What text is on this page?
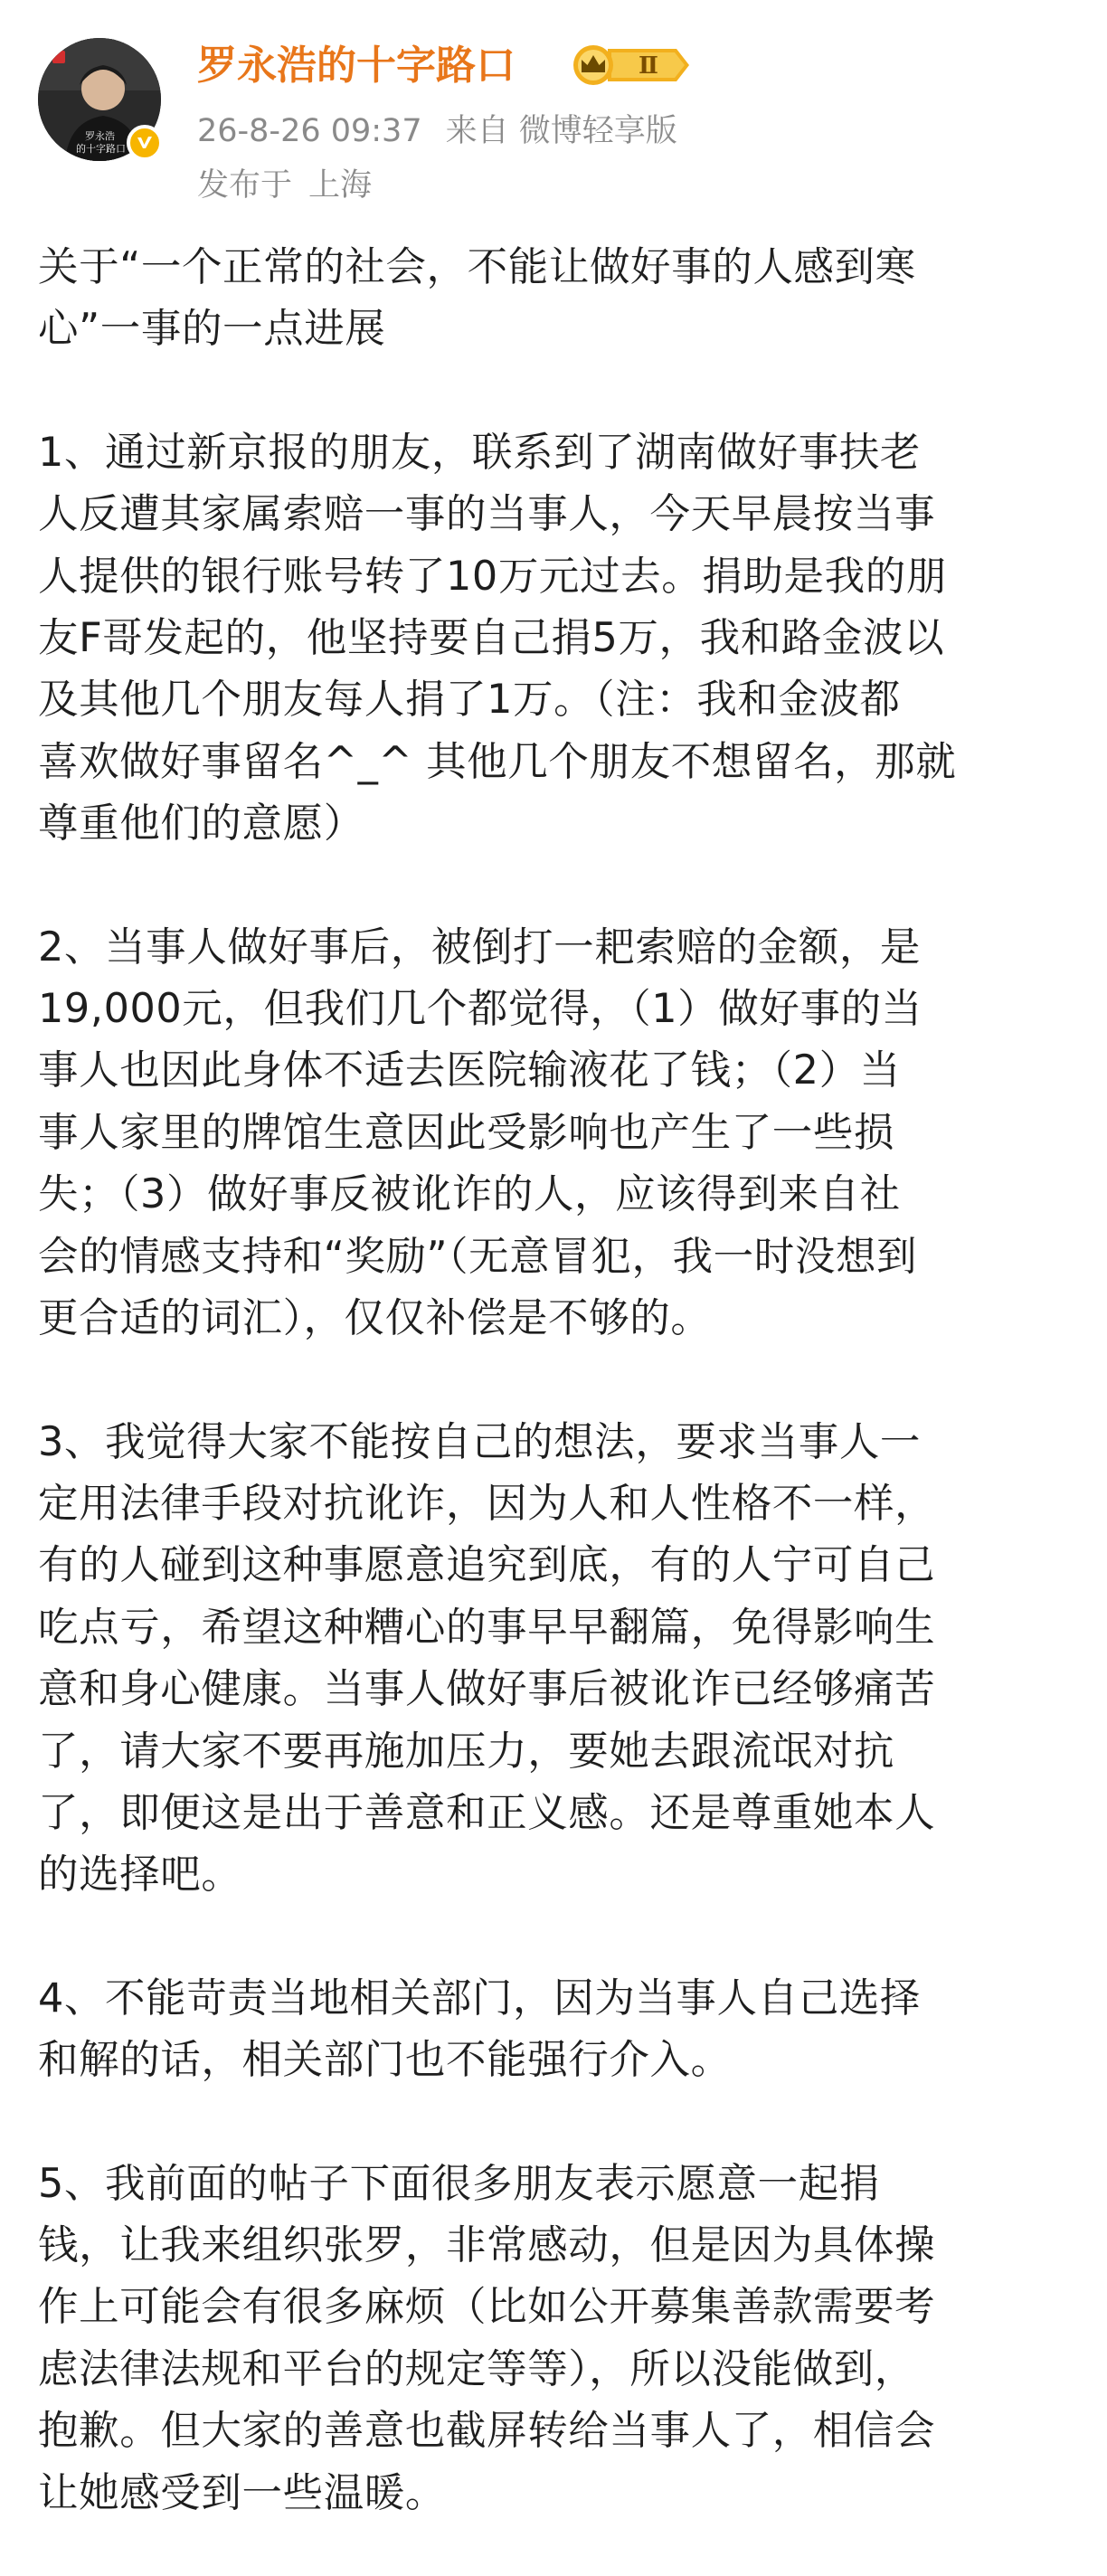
罗永浩
的十字路口
罗永浩的十字路口	Ⅱ
26-8-26 09:37 来自 微博轻享版
发布于 上海

关于“一个正常的社会，不能让做好事的人感到寒
心”一事的一点进展

1、通过新京报的朋友，联系到了湖南做好事扶老
人反遭其家属索赔一事的当事人，今天早晨按当事
人提供的银行账号转了10万元过去。捐助是我的朋
友F哥发起的，他坚持要自己捐5万，我和路金波以
及其他几个朋友每人捐了1万。（注：我和金波都
喜欢做好事留名^_^ 其他几个朋友不想留名，那就
尊重他们的意愿）

2、当事人做好事后，被倒打一耙索赔的金额，是
19,000元，但我们几个都觉得，（1）做好事的当
事人也因此身体不适去医院输液花了钱；（2）当
事人家里的牌馆生意因此受影响也产生了一些损
失；（3）做好事反被讹诈的人，应该得到来自社
会的情感支持和“奖励”（无意冒犯，我一时没想到
更合适的词汇），仅仅补偿是不够的。

3、我觉得大家不能按自己的想法，要求当事人一
定用法律手段对抗讹诈，因为人和人性格不一样，
有的人碰到这种事愿意追究到底，有的人宁可自己
吃点亏，希望这种糟心的事早早翻篇，免得影响生
意和身心健康。当事人做好事后被讹诈已经够痛苦
了，请大家不要再施加压力，要她去跟流氓对抗
了，即便这是出于善意和正义感。还是尊重她本人
的选择吧。

4、不能苛责当地相关部门，因为当事人自己选择
和解的话，相关部门也不能强行介入。

5、我前面的帖子下面很多朋友表示愿意一起捐
钱，让我来组织张罗，非常感动，但是因为具体操
作上可能会有很多麻烦（比如公开募集善款需要考
虑法律法规和平台的规定等等），所以没能做到，
抱歉。但大家的善意也截屏转给当事人了，相信会
让她感受到一些温暖。
